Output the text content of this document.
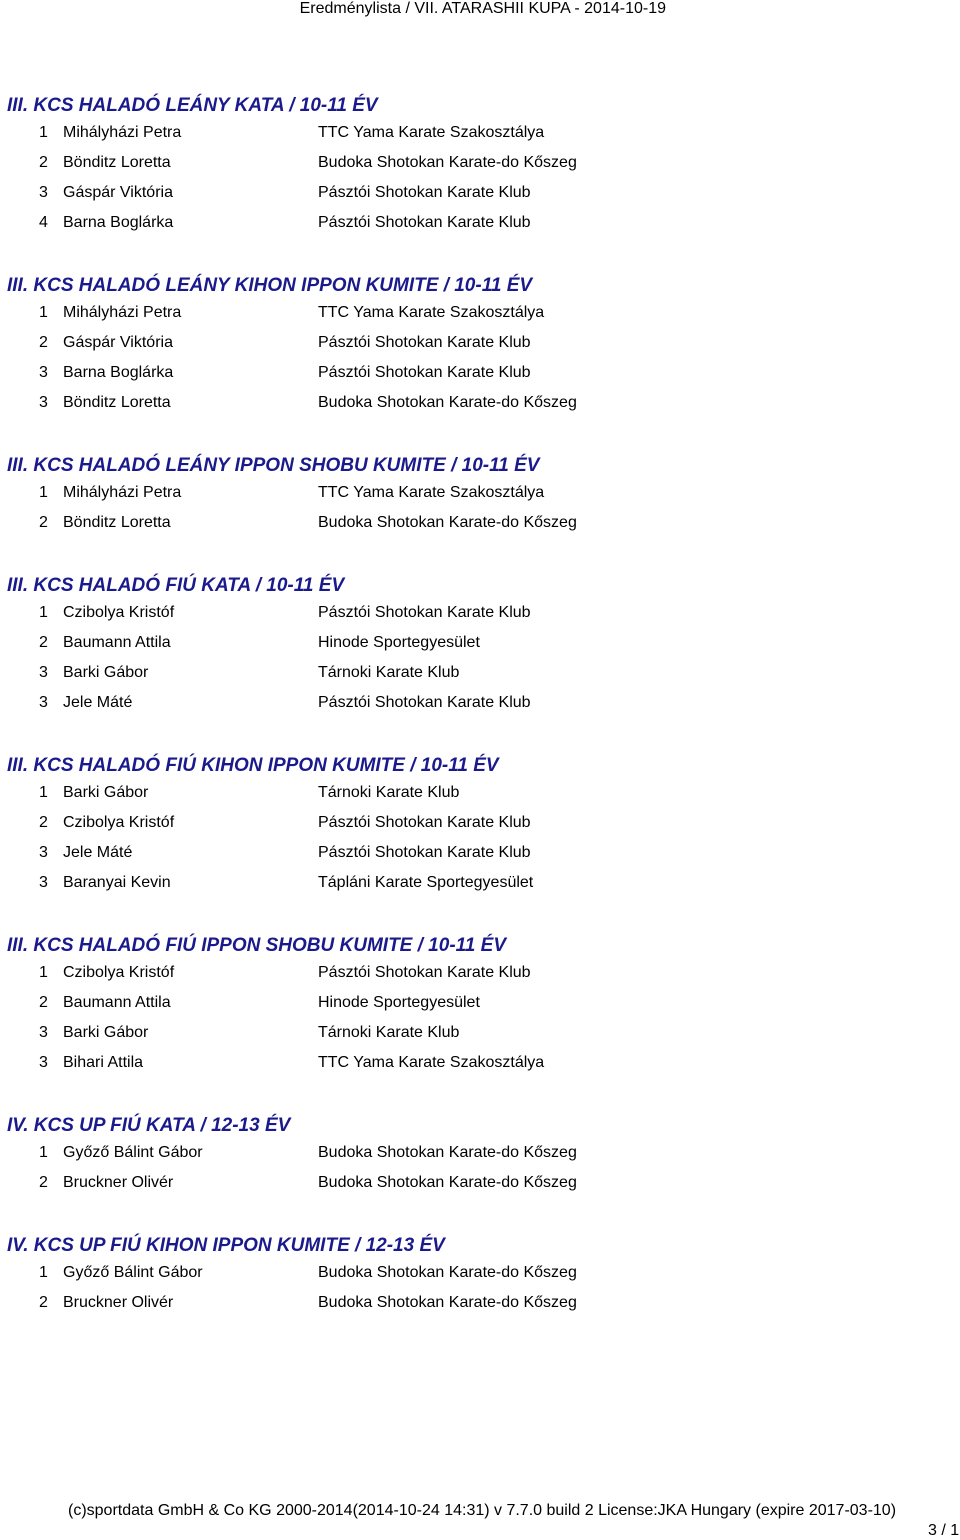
Eredménylista / VII. ATARASHII KUPA - 2014-10-19
III. KCS HALADÓ LEÁNY KATA / 10-11 ÉV
1 Mihályházi Petra	TTC Yama Karate Szakosztálya
2 Bönditz Loretta	Budoka Shotokan Karate-do Kőszeg
3 Gáspár Viktória	Pásztói Shotokan Karate Klub
4 Barna Boglárka	Pásztói Shotokan Karate Klub
III. KCS HALADÓ LEÁNY KIHON IPPON KUMITE / 10-11 ÉV
1 Mihályházi Petra	TTC Yama Karate Szakosztálya
2 Gáspár Viktória	Pásztói Shotokan Karate Klub
3 Barna Boglárka	Pásztói Shotokan Karate Klub
3 Bönditz Loretta	Budoka Shotokan Karate-do Kőszeg
III. KCS HALADÓ LEÁNY IPPON SHOBU KUMITE / 10-11 ÉV
1 Mihályházi Petra	TTC Yama Karate Szakosztálya
2 Bönditz Loretta	Budoka Shotokan Karate-do Kőszeg
III. KCS HALADÓ FIÚ KATA / 10-11 ÉV
1 Czibolya Kristóf	Pásztói Shotokan Karate Klub
2 Baumann Attila	Hinode Sportegyesület
3 Barki Gábor	Tárnoki Karate Klub
3 Jele Máté	Pásztói Shotokan Karate Klub
III. KCS HALADÓ FIÚ KIHON IPPON KUMITE / 10-11 ÉV
1 Barki Gábor	Tárnoki Karate Klub
2 Czibolya Kristóf	Pásztói Shotokan Karate Klub
3 Jele Máté	Pásztói Shotokan Karate Klub
3 Baranyai Kevin	Tápláni Karate Sportegyesület
III. KCS HALADÓ FIÚ IPPON SHOBU KUMITE / 10-11 ÉV
1 Czibolya Kristóf	Pásztói Shotokan Karate Klub
2 Baumann Attila	Hinode Sportegyesület
3 Barki Gábor	Tárnoki Karate Klub
3 Bihari Attila	TTC Yama Karate Szakosztálya
IV. KCS UP FIÚ KATA / 12-13 ÉV
1 Győző Bálint Gábor	Budoka Shotokan Karate-do Kőszeg
2 Bruckner Olivér	Budoka Shotokan Karate-do Kőszeg
IV. KCS UP FIÚ KIHON IPPON KUMITE / 12-13 ÉV
1 Győző Bálint Gábor	Budoka Shotokan Karate-do Kőszeg
2 Bruckner Olivér	Budoka Shotokan Karate-do Kőszeg
(c)sportdata GmbH & Co KG 2000-2014(2014-10-24 14:31) v 7.7.0 build 2 License:JKA Hungary (expire 2017-03-10)
3 / 1
